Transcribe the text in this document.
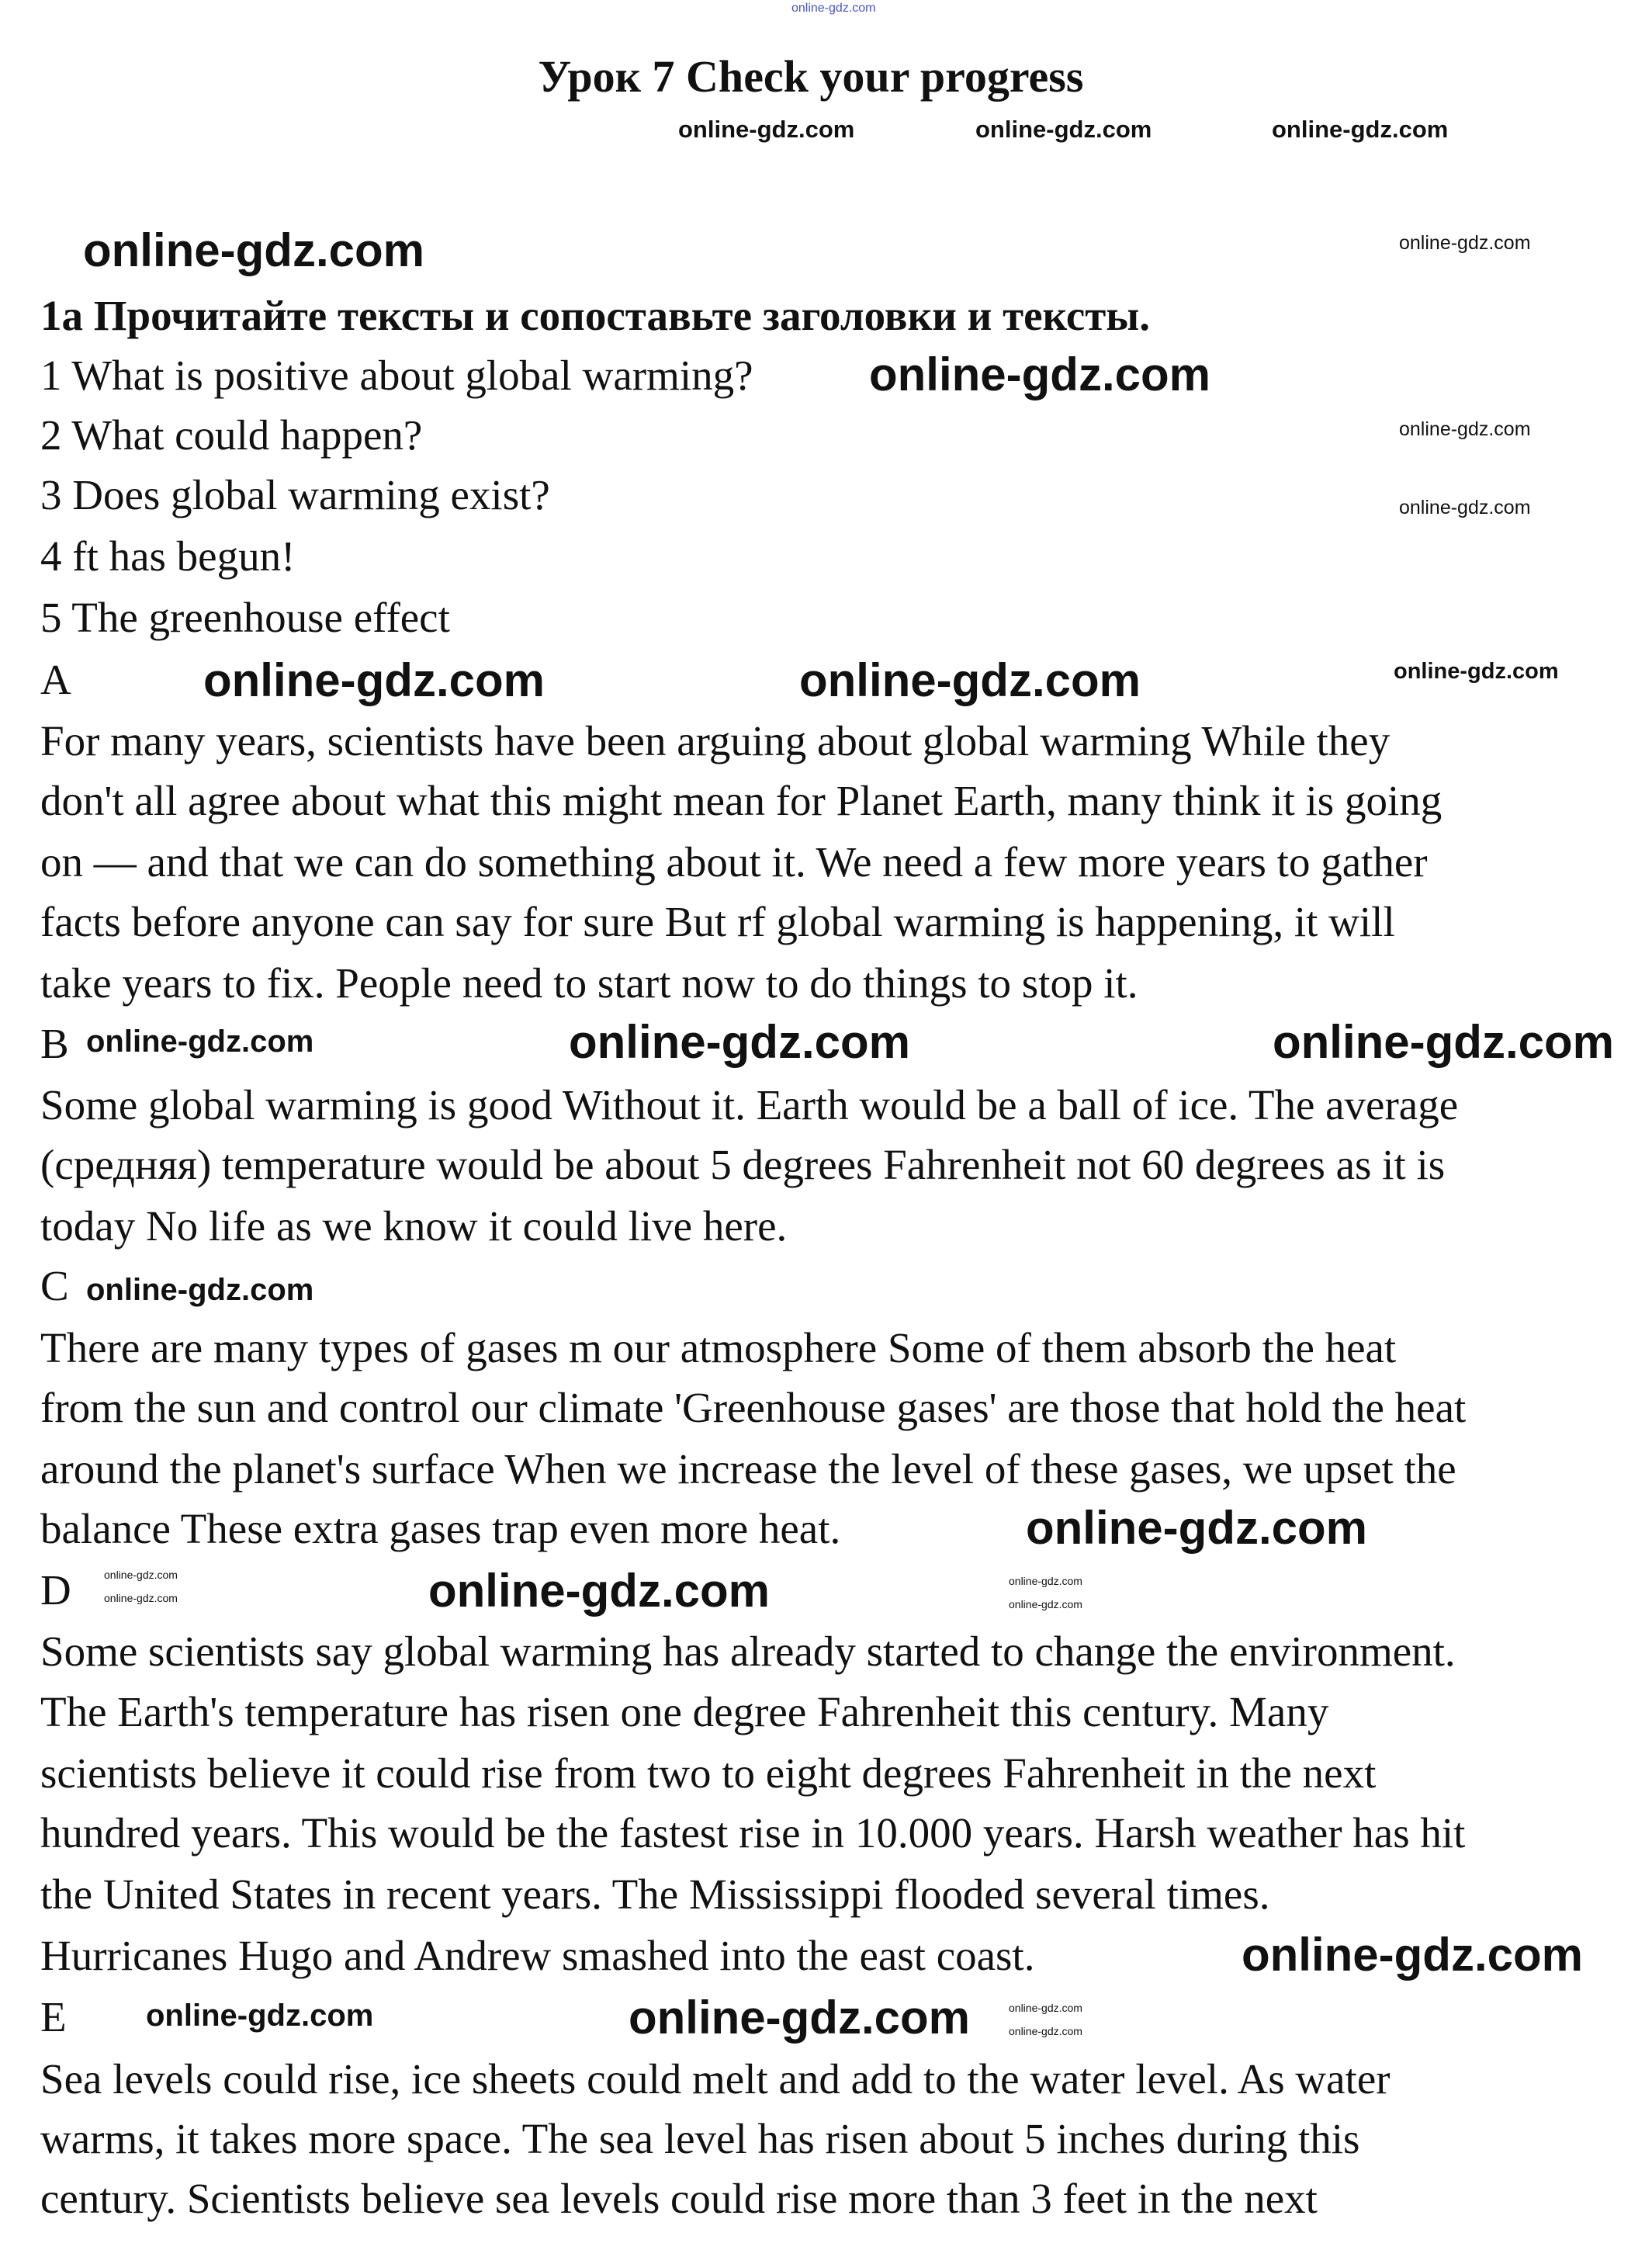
Урок 7 Check your progress
1a Прочитайте тексты и сопоставьте заголовки и тексты.
1 What is positive about global warming?
2 What could happen?
3 Does global warming exist?
4 ft has begun!
5 The greenhouse effect
A
For many years, scientists have been arguing about global warming While they
don't all agree about what this might mean for Planet Earth, many think it is going
on — and that we can do something about it. We need a few more years to gather
facts before anyone can say for sure But rf global warming is happening, it will
take years to fix. People need to start now to do things to stop it.
B
Some global warming is good Without it. Earth would be a ball of ice. The average
(средняя) temperature would be about 5 degrees Fahrenheit not 60 degrees as it is
today No life as we know it could live here.
C
There are many types of gases m our atmosphere Some of them absorb the heat
from the sun and control our climate 'Greenhouse gases' are those that hold the heat
around the planet's surface When we increase the level of these gases, we upset the
balance These extra gases trap even more heat.
D
Some scientists say global warming has already started to change the environment.
The Earth's temperature has risen one degree Fahrenheit this century. Many
scientists believe it could rise from two to eight degrees Fahrenheit in the next
hundred years. This would be the fastest rise in 10.000 years. Harsh weather has hit
the United States in recent years. The Mississippi flooded several times.
Hurricanes Hugo and Andrew smashed into the east coast.
E
Sea levels could rise, ice sheets could melt and add to the water level. As water
warms, it takes more space. The sea level has risen about 5 inches during this
century. Scientists believe sea levels could rise more than 3 feet in the next
online-gdz.com
online-gdz.com	online-gdz.com	online-gdz.com
online-gdz.com	online-gdz.com
online-gdz.com
online-gdz.com
online-gdz.com
online-gdz.com	online-gdz.com	online-gdz.com
online-gdz.com
online-gdz.com	online-gdz.com
online-gdz.com
online-gdz.com
online-gdz.com
online-gdz.com
online-gdz.com	online-gdz.com
online-gdz.com
online-gdz.com
online-gdz.com
online-gdz.com
online-gdz.com
online-gdz.com
